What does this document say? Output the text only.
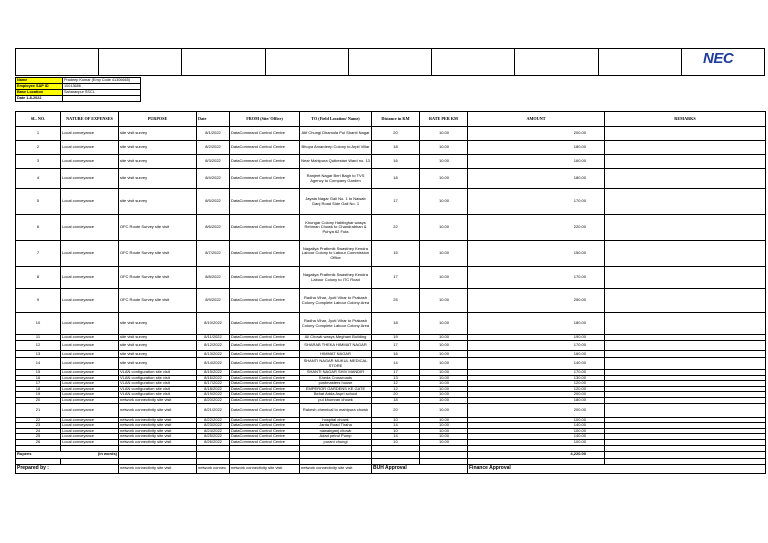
NEC
Name	Pradeep Kumar (Emp Code 41306665)
Employee SAP ID	10013686
Base Location	Saharanpur SSCL
Date 1-8-2022	
SL. NO.	NATURE OF EXPENSES	PURPOSE	Date	FROM (Site/ Office)	TO (Field Location/ Name)	Distance in KM	RATE PER KM	AMOUNT	REMARKS
1	Local conveyance	site visit survey	8/1/2022	DataCommand Control Centre	Atif Chungi Dhamola Pul Shanti Nagar	20	10.00	200.00	
2	Local conveyance	site visit survey	8/2/2022	DataCommand Control Centre	Bhopa Amardeep Colony to Arpit Villar	18	10.00	180.00	
3	Local conveyance	site visit survey	8/3/2022	DataCommand Control Centre	Near Mahipura Qutbestan Ward no. 13	16	10.00	160.00	
4	Local conveyance	site visit survey	8/4/2022	DataCommand Control Centre	Ranjeet Nagar Beri Bagh to TVS Agency to Company Garden	18	10.00	180.00	
5	Local conveyance	site visit survey	8/5/2022	DataCommand Control Centre	Jayala Nagar Gali No. 1 to Nawab Ganj Road Side Gali No. 1	17	10.00	170.00	
6	Local conveyance	OFC Route Survey site visit	8/6/2022	DataCommand Control Centre	Khungar Colony Habibghar wasys Rehman Chowk to Chandrabhan & Puhya 62 Futa	22	10.00	220.00	
7	Local conveyance	OFC Route Survey site visit	8/7/2022	DataCommand Control Centre	Nagaliya Prathmik Swasthey Kendra Labour Colony to Labour Commission Office	15	10.00	150.00	
8	Local conveyance	OFC Route Survey site visit	8/8/2022	DataCommand Control Centre	Nagaliya Prathmik Swasthey Kendra Labour Colony to ITC Road	17	10.00	170.00	
9	Local conveyance	OFC Route Survey site visit	8/9/2022	DataCommand Control Centre	Radha Vihar, Jyoti Vihar to Prakash Colony Complete Labour Colony Area	25	10.00	250.00	
10	Local conveyance	site visit survey	8/10/2022	DataCommand Control Centre	Radha Vihar, Jyoti Vihar to Prakash Colony Complete Labour Colony Area	18	10.00	180.00	
11	Local conveyance	site visit survey	8/11/2022	DataCommand Control Centre	Ali Chowk wasys Meghani Building	19	10.00	190.00	
12	Local conveyance	site visit survey	8/12/2022	DataCommand Control Centre	SHARAB THEKA HIMMAT NAGAR	17	10.00	170.00	
13	Local conveyance	site visit survey	8/13/2022	DataCommand Control Centre	HIMMAT NAGAR	16	10.00	160.00	
14	Local conveyance	site visit survey	8/14/2022	DataCommand Control Centre	SHANTI NAGAR MUKUL MEDICAL STORE	14	10.00	140.00	
15	Local conveyance	VLAN configuration site visit	8/15/2022	DataCommand Control Centre	SHANTI NAGAR SHIV MANDIR	17	10.00	170.00	
16	Local conveyance	VLAN configuration site visit	8/16/2022	DataCommand Control Centre	Kheda Crossroads	13	10.00	130.00	
17	Local conveyance	VLAN configuration site visit	8/17/2022	DataCommand Control Centre	postmasters house	12	10.00	120.00	
18	Local conveyance	VLAN configuration site visit	8/18/2022	DataCommand Control Centre	EMPEROR GARDENS KE GATE	12	10.00	120.00	
19	Local conveyance	VLAN configuration site visit	8/19/2022	DataCommand Control Centre	Behat Adda Aspri school	20	10.00	200.00	
20	Local conveyance	network connectivity site visit	8/20/2022	DataCommand Control Centre	pul khumran chowk	18	10.00	180.00	
21	Local conveyance	network connectivity site visit	8/21/2022	DataCommand Control Centre	Rakesh chemical to mahipura chowk	20	10.00	200.00	
22	Local conveyance	network connectivity site visit	8/22/2022	DataCommand Control Centre	hospital chowk	10	10.00	100.00	
23	Local conveyance	network connectivity site visit	8/23/2022	DataCommand Control Centre	Janta Road Tiraha	14	10.00	140.00	
24	Local conveyance	network connectivity site visit	8/24/2022	DataCommand Control Centre	nawabganj chowk	10	10.00	100.00	
25	Local conveyance	network connectivity site visit	8/25/2022	DataCommand Control Centre	Adad petrol Pump	14	10.00	140.00	
26	Local conveyance	network connectivity site visit	8/26/2022	DataCommand Control Centre	purani chungi	10	10.00	100.00	

Rupees	(in words)							4,220.00	

Prepared by :		network connectivity site visit	network connec	network connectivity site visit	network connectivity site visit	BUH Approval		Finance Approval	
